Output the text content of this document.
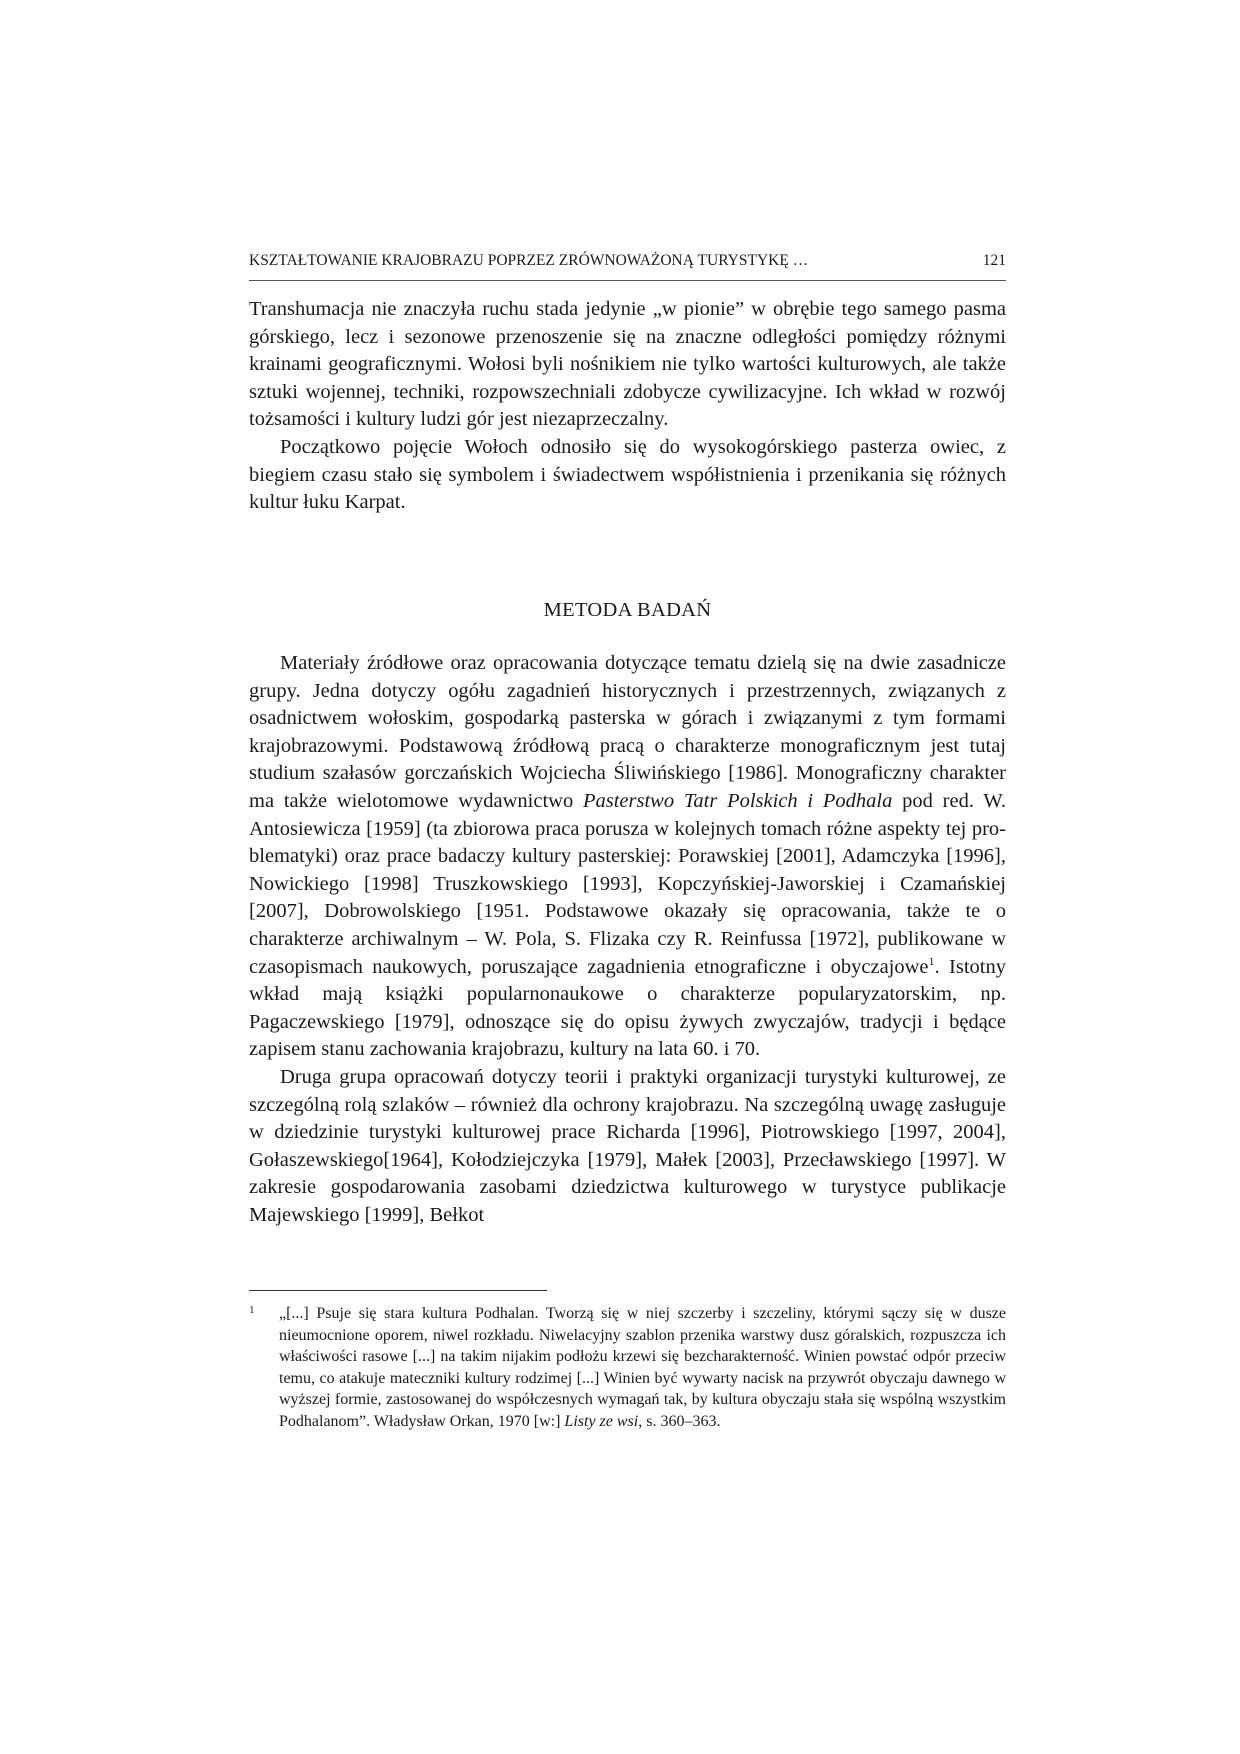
KSZTAŁTOWANIE KRAJOBRAZU POPRZEZ ZRÓWNOWAŻONĄ TURYSTYKĘ …	121

Transhumacja nie znaczyła ruchu stada jedynie „w pionie” w obrębie tego samego pasma górskiego, lecz i sezonowe przenoszenie się na znaczne odległości pomiędzy różnymi krainami geograficznymi. Wołosi byli nośnikiem nie tylko wartości kulturowych, ale także sztuki wojennej, techniki, rozpowszechniali zdobycze cywilizacyjne. Ich wkład w rozwój tożsamości i kultury ludzi gór jest niezaprzeczalny.

Początkowo pojęcie Wołoch odnosiło się do wysokogórskiego pasterza owiec, z biegiem czasu stało się symbolem i świadectwem współistnienia i przenikania się różnych kultur łuku Karpat.

METODA BADAŃ

Materiały źródłowe oraz opracowania dotyczące tematu dzielą się na dwie zasadnicze grupy. Jedna dotyczy ogółu zagadnień historycznych i przestrzennych, związanych z osadnictwem wołoskim, gospodarką pasterska w górach i związanymi z tym formami krajobrazowymi. Podstawową źródłową pracą o charakterze monograficznym jest tutaj studium szałasów gorczańskich Wojciecha Śliwińskiego [1986]. Monograficzny charakter ma także wielotomowe wydawnictwo Pasterstwo Tatr Polskich i Podhala pod red. W. Antosiewicza [1959] (ta zbiorowa praca porusza w kolejnych tomach różne aspekty tej problematyki) oraz prace badaczy kultury pasterskiej: Porawskiej [2001], Adamczyka [1996], Nowickiego [1998] Truszkowskiego [1993], Kopczyńskiej-Jaworskiej i Czamańskiej [2007], Dobrowolskiego [1951. Podstawowe okazały się opracowania, także te o charakterze archiwalnym – W. Pola, S. Flizaka czy R. Reinfussa [1972], publikowane w czasopismach naukowych, poruszające zagadnienia etnograficzne i obyczajowe$^1$. Istotny wkład mają książki popularnonaukowe o charakterze popularyzatorskim, np. Pagaczewskiego [1979], odnoszące się do opisu żywych zwyczajów, tradycji i będące zapisem stanu zachowania krajobrazu, kultury na lata 60. i 70.

Druga grupa opracowań dotyczy teorii i praktyki organizacji turystyki kulturowej, ze szczególną rolą szlaków – również dla ochrony krajobrazu. Na szczególną uwagę zasługuje w dziedzinie turystyki kulturowej prace Richarda [1996], Piotrowskiego [1997, 2004], Gołaszewskiego[1964], Kołodziejczyka [1979], Małek [2003], Przecławskiego [1997]. W zakresie gospodarowania zasobami dziedzictwa kulturowego w turystyce publikacje Majewskiego [1999], Bełkot

1 „[...] Psuje się stara kultura Podhalan. Tworzą się w niej szczerby i szczeliny, którymi sączy się w dusze nieumocnione oporem, niwel rozkładu. Niwelacyjny szablon przenika warstwy dusz góralskich, rozpuszcza ich właściwości rasowe [...] na takim nijakim podłożu krzewi się bezcharakterność. Winien powstać odpór przeciw temu, co atakuje mateczniki kultury rodzimej [...] Winien być wywarty nacisk na przywrót obyczaju dawnego w wyższej formie, zastosowanej do współczesnych wymagań tak, by kultura obyczaju stała się wspólną wszystkim Podhalanom”. Władysław Orkan, 1970 [w:] Listy ze wsi, s. 360–363.
